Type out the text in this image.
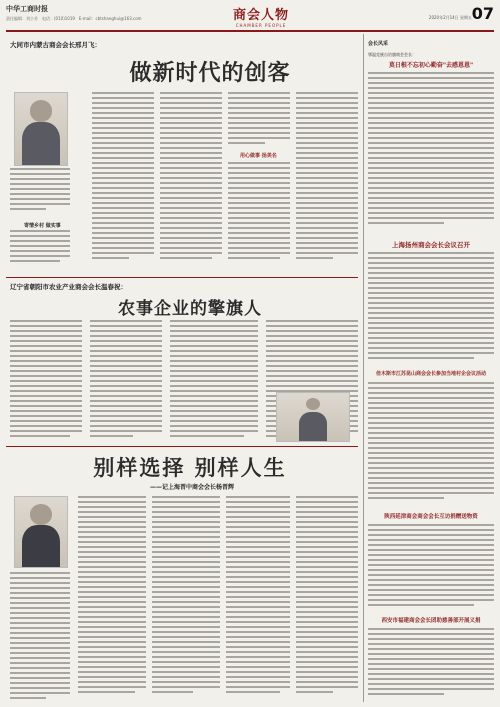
中华工商时报
责任编辑：刘小芳　电话：(010)1019　E-mail：cbtshanghui@163.com	商会人物
CHAMBER PEOPLE
2020年2月14日 星期五 07
大同市内蒙古商会会长邢月飞：
做新时代的创客
寄情乡村 做实事
用心做事 扬美名
辽宁省朝阳市农业产业商会会长温春祝：
农事企业的擎旗人
别样选择 别样人生
——记上海晋中商会会长杨晋辉
会长风采
鄂温克族自治旗商会会长：
莫日根不忘初心勤奋"去感恩恩"
上海扬州商会会长会议召开
佳木斯市江苏昆山商会会长参加当地村企会议活动
陕西延津商会商会会长互访捐赠送物资
西安市福建商会会长团助慈善部开展义捐
